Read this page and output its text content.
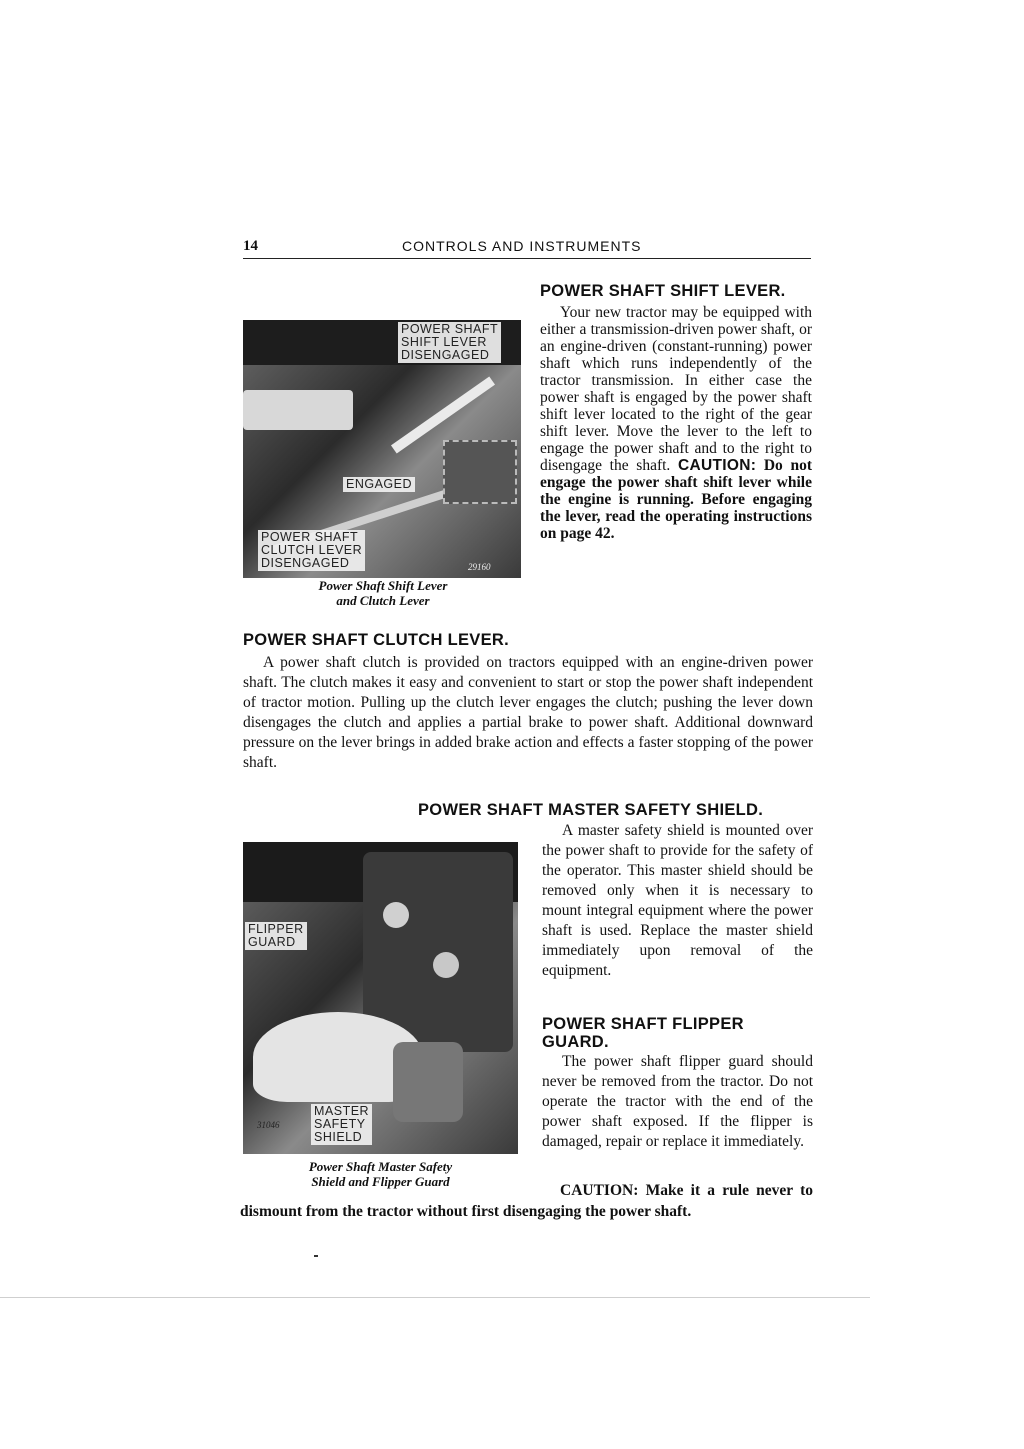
14	CONTROLS AND INSTRUMENTS
POWER SHAFT
SHIFT LEVER
DISENGAGED
ENGAGED
POWER SHAFT
CLUTCH LEVER
DISENGAGED	29160
Power Shaft Shift Lever
and Clutch Lever
POWER SHAFT SHIFT LEVER.

Your new tractor may be equipped with either a transmission-driven power shaft, or an engine-driven (constant-running) power shaft which runs independently of the tractor transmission. In either case the power shaft is engaged by the power shaft shift lever located to the right of the gear shift lever. Move the lever to the left to engage the power shaft and to the right to disengage the shaft. CAUTION: Do not engage the power shaft shift lever while the engine is running. Before engaging the lever, read the operating instructions on page 42.

POWER SHAFT CLUTCH LEVER.

A power shaft clutch is provided on tractors equipped with an engine-driven power shaft. The clutch makes it easy and convenient to start or stop the power shaft independent of tractor motion. Pulling up the clutch lever engages the clutch; pushing the lever down disengages the clutch and applies a partial brake to power shaft. Additional downward pressure on the lever brings in added brake action and effects a faster stopping of the power shaft.

POWER SHAFT MASTER SAFETY SHIELD.

A master safety shield is mounted over the power shaft to provide for the safety of the operator. This master shield should be removed only when it is necessary to mount integral equipment where the power shaft is used. Replace the master shield immediately upon removal of the equipment.

FLIPPER
GUARD
MASTER
SAFETY
SHIELD
31046
Power Shaft Master Safety
Shield and Flipper Guard
POWER SHAFT FLIPPER GUARD.

The power shaft flipper guard should never be removed from the tractor. Do not operate the tractor with the end of the power shaft exposed. If the flipper is damaged, repair or replace it immediately.

CAUTION: Make it a rule never to dismount from the tractor without first disengaging the power shaft.
